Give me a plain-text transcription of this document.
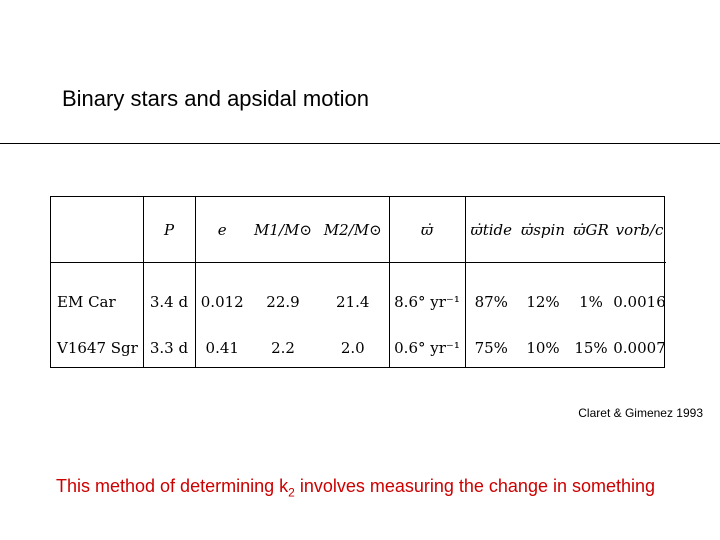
Binary stars and apsidal motion
	P	e	M1/M⊙	M2/M⊙	ϖ̇	ϖ̇tide	ϖ̇spin	ϖ̇GR	vorb/c
EM Car	3.4 d	0.012	22.9	21.4	8.6° yr⁻¹	87%	12%	1%	0.0016
V1647 Sgr	3.3 d	0.41	2.2	2.0	0.6° yr⁻¹	75%	10%	15%	0.0007
Claret & Gimenez 1993
This method of determining $k_2$ involves measuring the change in something
